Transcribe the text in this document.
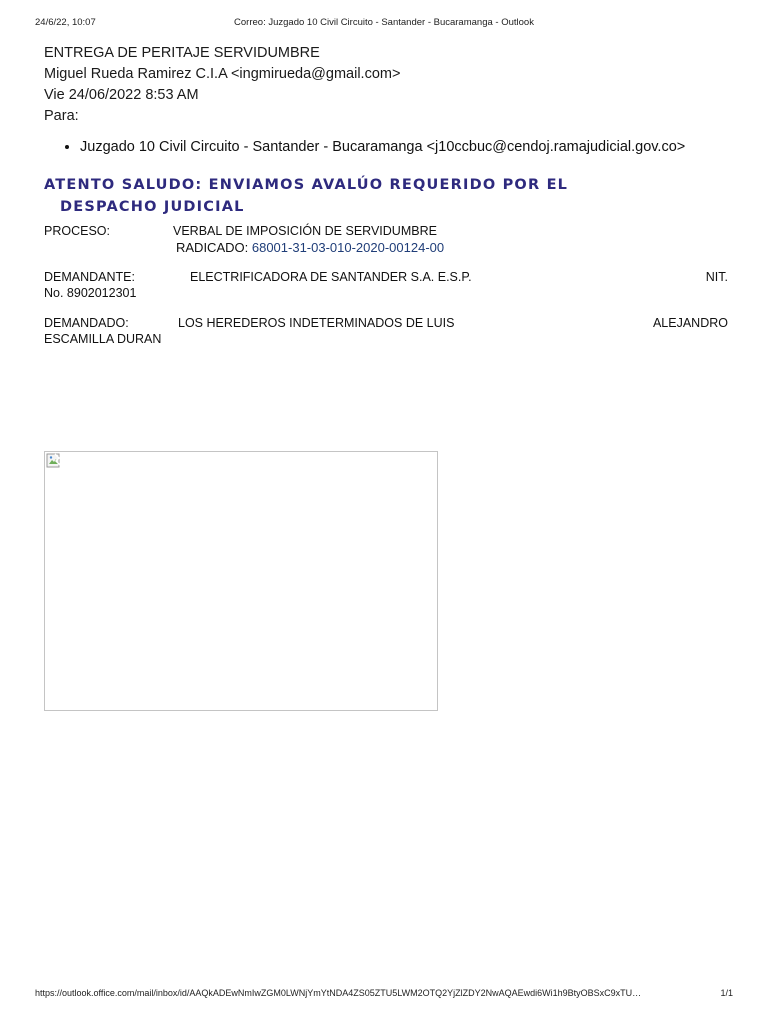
24/6/22, 10:07	Correo: Juzgado 10 Civil Circuito - Santander - Bucaramanga - Outlook
ENTREGA DE PERITAJE SERVIDUMBRE
Miguel Rueda Ramirez C.I.A <ingmirueda@gmail.com>
Vie 24/06/2022 8:53 AM
Para:
• Juzgado 10 Civil Circuito - Santander - Bucaramanga <j10ccbuc@cendoj.ramajudicial.gov.co>
ATENTO SALUDO: ENVIAMOS AVALÚO REQUERIDO POR EL
DESPACHO JUDICIAL
PROCESO:	VERBAL DE IMPOSICIÓN DE SERVIDUMBRE
RADICADO: 68001-31-03-010-2020-00124-00
DEMANDANTE:	ELECTRIFICADORA DE SANTANDER S.A. E.S.P.	NIT.
No. 8902012301
DEMANDADO:	LOS HEREDEROS INDETERMINADOS DE LUIS	ALEJANDRO
ESCAMILLA DURAN
https://outlook.office.com/mail/inbox/id/AAQkADEwNmIwZGM0LWNjYmYtNDA4ZS05ZTU5LWM2OTQ2YjZlZDY2NwAQAEwdi6Wi1h9BtyOBSxC9xTU…	1/1
